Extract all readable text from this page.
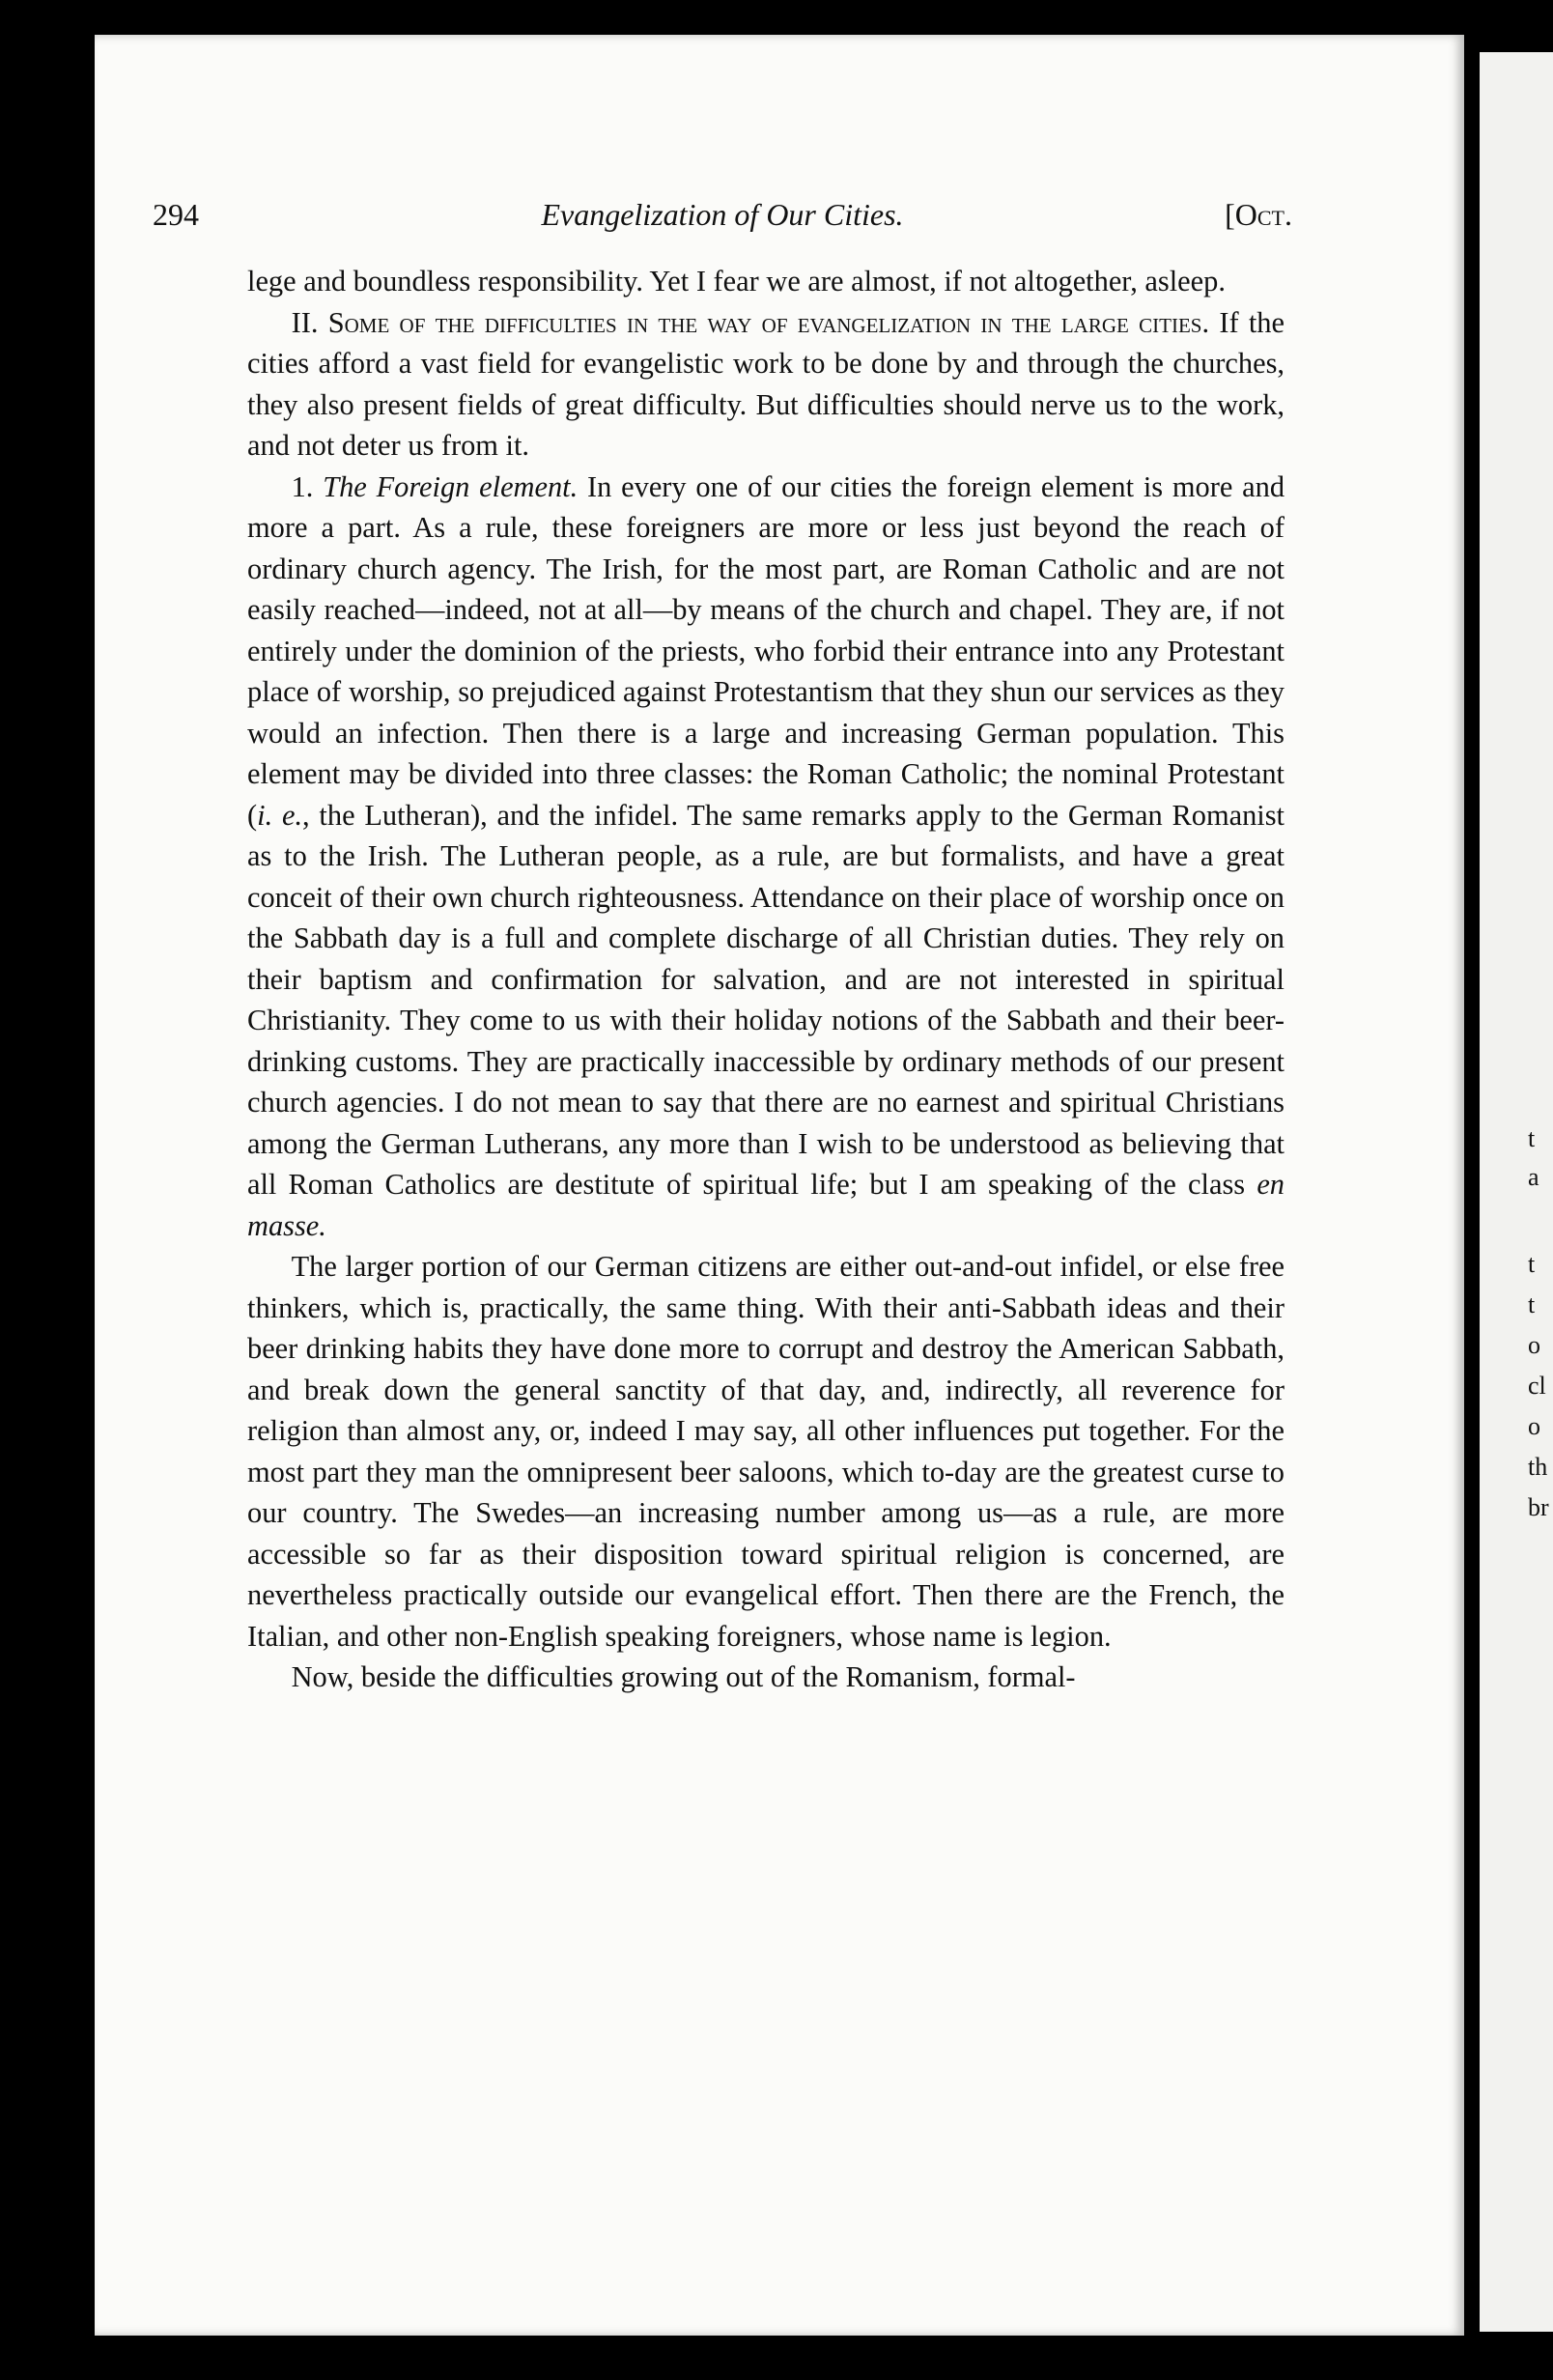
t
a
t
t
o
cl
o
th
br
294	Evangelization of Our Cities.	[Oct.

lege and boundless responsibility. Yet I fear we are almost, if not altogether, asleep.

II. Some of the difficulties in the way of evangelization in the large cities. If the cities afford a vast field for evangelistic work to be done by and through the churches, they also present fields of great difficulty. But difficulties should nerve us to the work, and not deter us from it.

1. The Foreign element. In every one of our cities the foreign element is more and more a part. As a rule, these foreigners are more or less just beyond the reach of ordinary church agency. The Irish, for the most part, are Roman Catholic and are not easily reached—indeed, not at all—by means of the church and chapel. They are, if not entirely under the dominion of the priests, who forbid their entrance into any Protestant place of worship, so prejudiced against Protestantism that they shun our services as they would an infection. Then there is a large and increasing German population. This element may be divided into three classes: the Roman Catholic; the nominal Protestant (i. e., the Lutheran), and the infidel. The same remarks apply to the German Romanist as to the Irish. The Lutheran people, as a rule, are but formalists, and have a great conceit of their own church righteousness. Attendance on their place of worship once on the Sabbath day is a full and complete discharge of all Christian duties. They rely on their baptism and confirmation for salvation, and are not interested in spiritual Christianity. They come to us with their holiday notions of the Sabbath and their beer-drinking customs. They are practically inaccessible by ordinary methods of our present church agencies. I do not mean to say that there are no earnest and spiritual Christians among the German Lutherans, any more than I wish to be understood as believing that all Roman Catholics are destitute of spiritual life; but I am speaking of the class en masse.

The larger portion of our German citizens are either out-and-out infidel, or else free thinkers, which is, practically, the same thing. With their anti-Sabbath ideas and their beer drinking habits they have done more to corrupt and destroy the American Sabbath, and break down the general sanctity of that day, and, indirectly, all reverence for religion than almost any, or, indeed I may say, all other influences put together. For the most part they man the omnipresent beer saloons, which to-day are the greatest curse to our country. The Swedes—an increasing number among us—as a rule, are more accessible so far as their disposition toward spiritual religion is concerned, are nevertheless practically outside our evangelical effort. Then there are the French, the Italian, and other non-English speaking foreigners, whose name is legion.

Now, beside the difficulties growing out of the Romanism, formal-
